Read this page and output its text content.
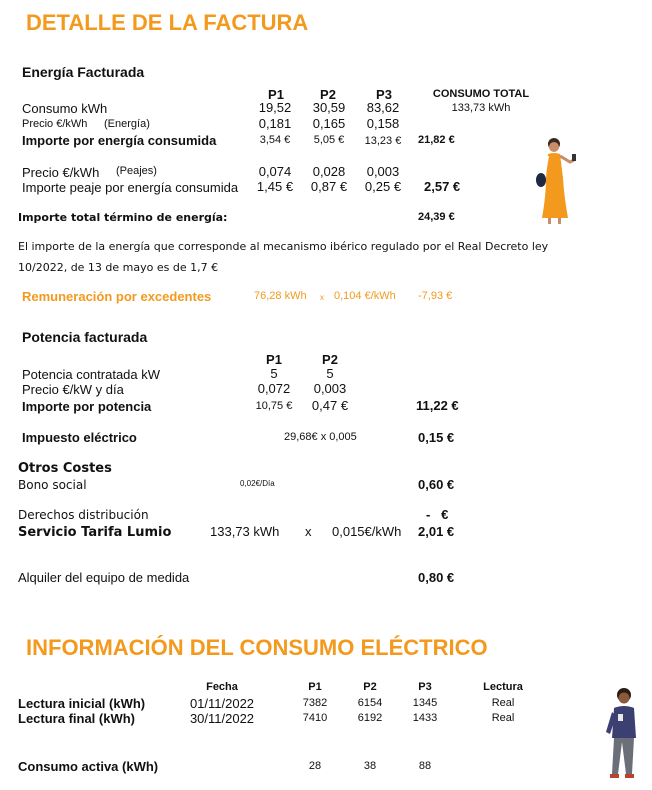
DETALLE DE LA FACTURA
Energía Facturada
P1	P2	P3	CONSUMO TOTAL
Consumo kWh	19,52	30,59	83,62	133,73 kWh
Precio €/kWh (Energía)	0,181	0,165	0,158
Importe por energía consumida	3,54 €	5,05 €	13,23 €	21,82 €
Precio €/kWh (Peajes)	0,074	0,028	0,003
Importe peaje por energía consumida	1,45 €	0,87 €	0,25 €	2,57 €
Importe total término de energía:	24,39 €
El importe de la energía que corresponde al mecanismo ibérico regulado por el Real Decreto ley
10/2022, de 13 de mayo es de 1,7 €
Remuneración por excedentes	76,28 kWh x 0,104 €/kWh -7,93 €
Potencia facturada
P1	P2
Potencia contratada kW	5	5
Precio €/kW y día	0,072	0,003
Importe por potencia	10,75 €	0,47 €	11,22 €
Impuesto eléctrico	29,68€ x 0,005	0,15 €
Otros Costes
Bono social	0,02€/Día	0,60 €
Derechos distribución	-   €
Servicio Tarifa Lumio	133,73 kWh x 0,015€/kWh 2,01 €
Alquiler del equipo de medida	0,80 €
INFORMACIÓN DEL CONSUMO ELÉCTRICO
Fecha	P1	P2	P3	Lectura
Lectura inicial (kWh)	01/11/2022	7382	6154	1345	Real
Lectura final (kWh)	30/11/2022	7410	6192	1433	Real
Consumo activa (kWh)	28	38	88
